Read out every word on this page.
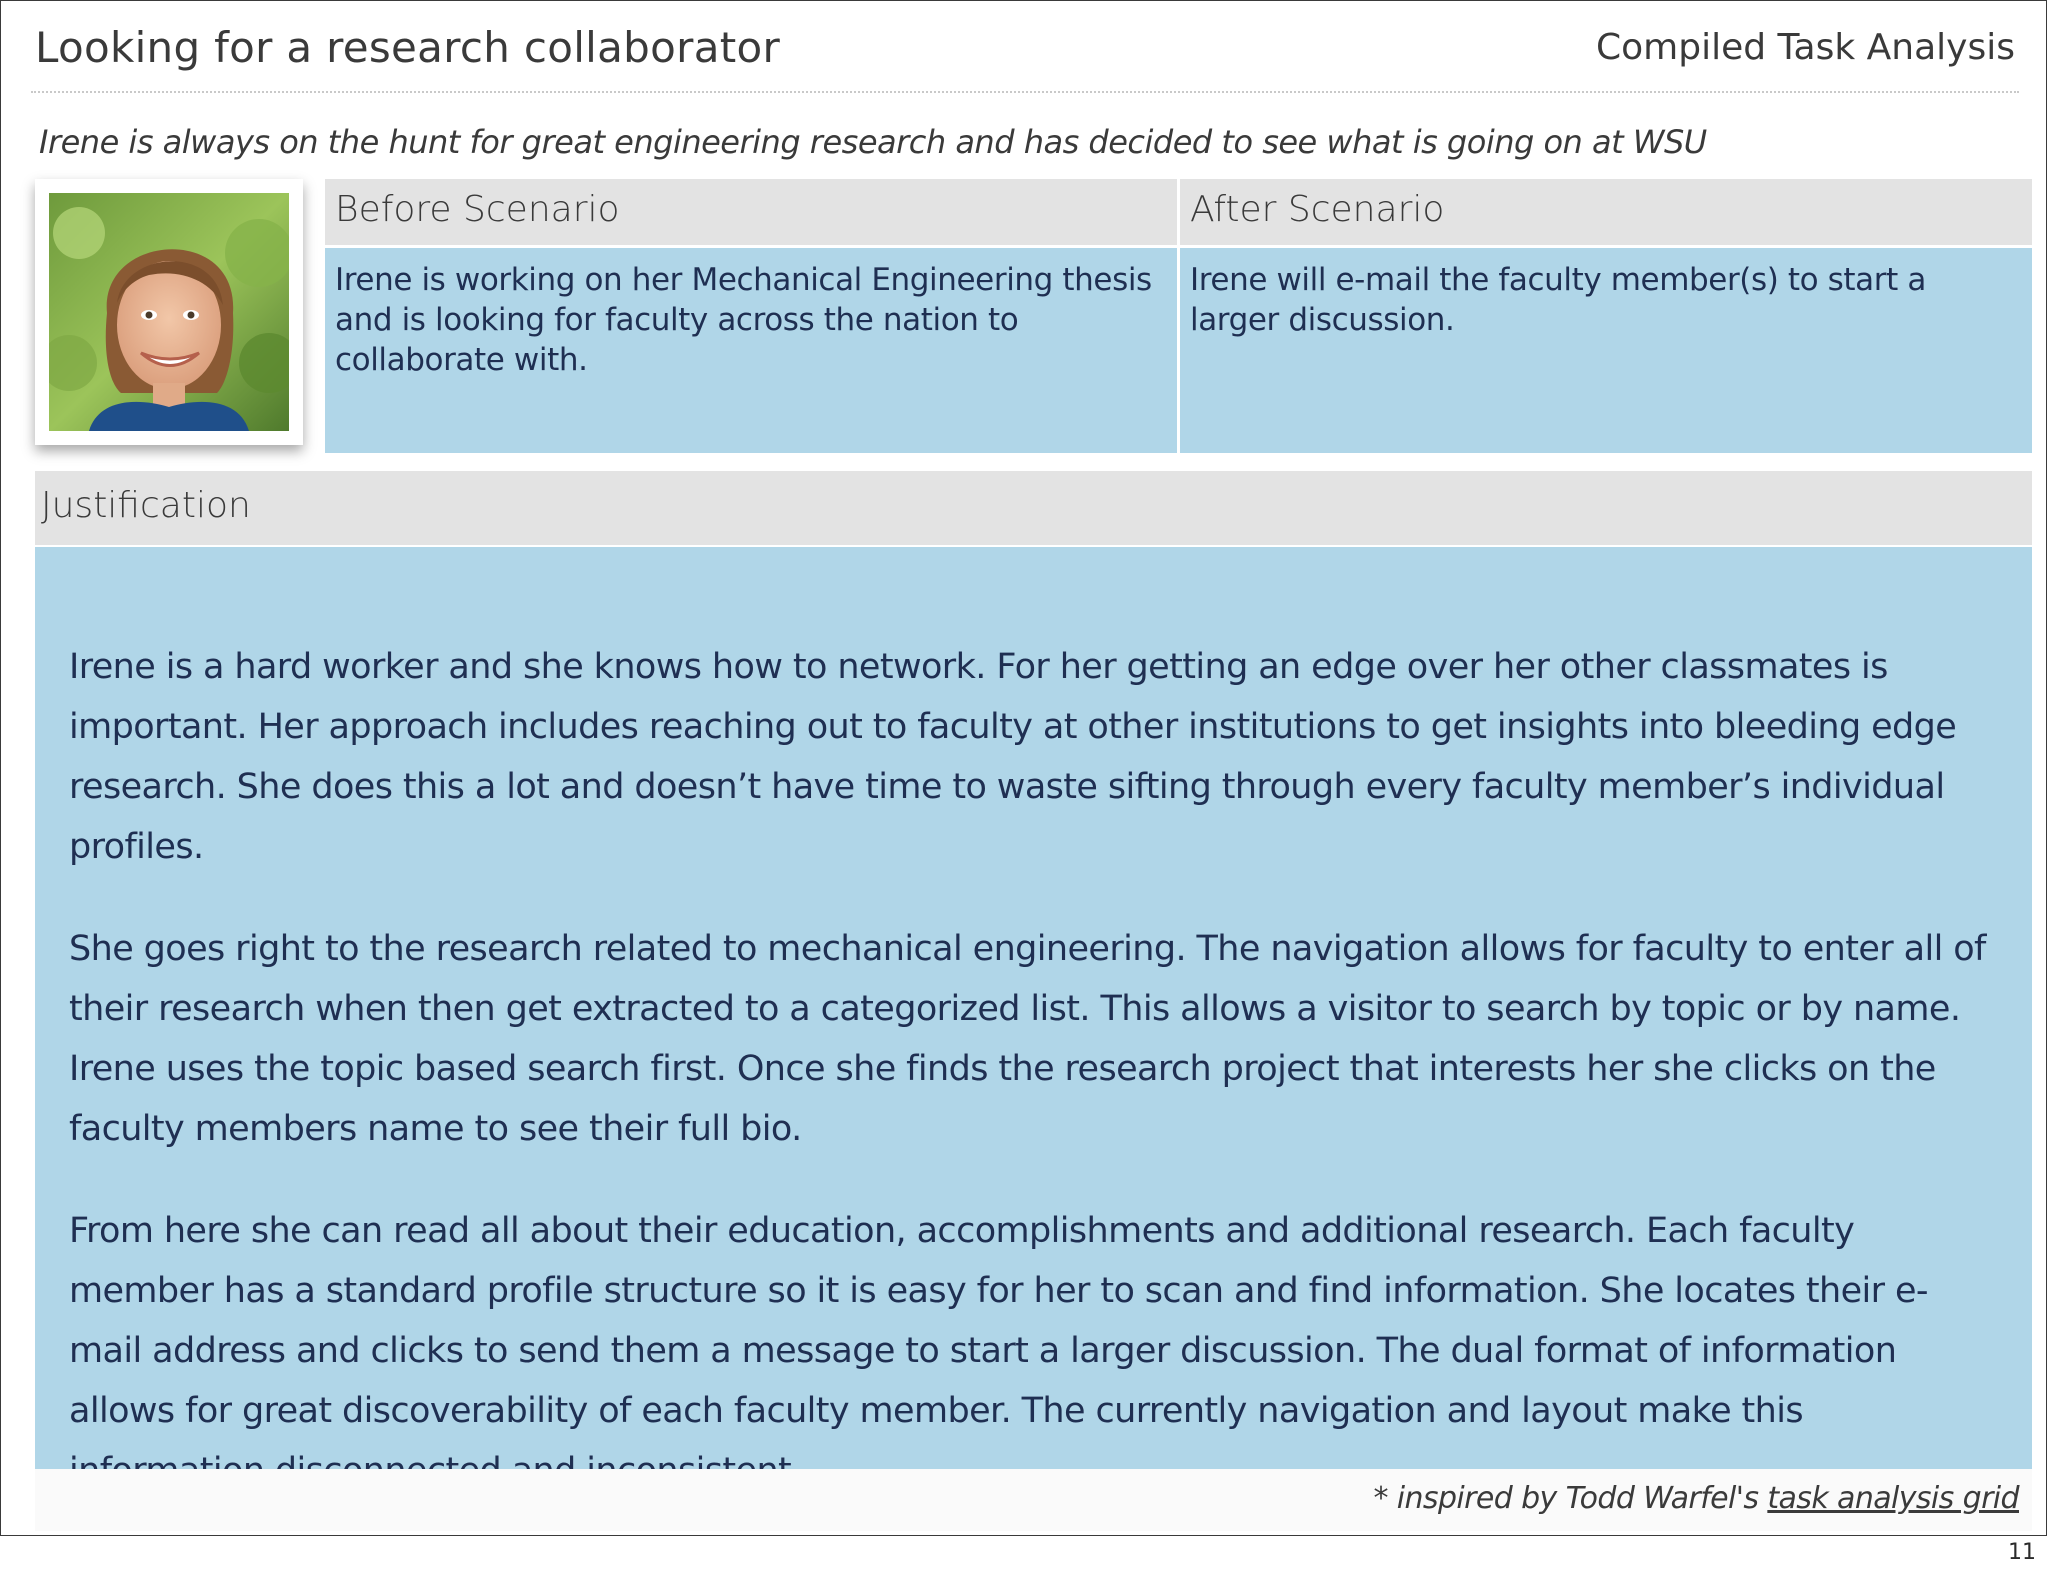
Looking for a research collaborator	Compiled Task Analysis
Irene is always on the hunt for great engineering research and has decided to see what is going on at WSU
Before Scenario	After Scenario
Irene is working on her Mechanical Engineering thesis and is looking for faculty across the nation to collaborate with.
Irene will e-mail the faculty member(s) to start a larger discussion.
Justification

Irene is a hard worker and she knows how to network. For her getting an edge over her other classmates is important. Her approach includes reaching out to faculty at other institutions to get insights into bleeding edge research. She does this a lot and doesn’t have time to waste sifting through every faculty member’s individual profiles.

She goes right to the research related to mechanical engineering. The navigation allows for faculty to enter all of their research when then get extracted to a categorized list. This allows a visitor to search by topic or by name. Irene uses the topic based search first. Once she finds the research project that interests her she clicks on the faculty members name to see their full bio.

From here she can read all about their education, accomplishments and additional research. Each faculty member has a standard profile structure so it is easy for her to scan and find information. She locates their e-mail address and clicks to send them a message to start a larger discussion. The dual format of information allows for great discoverability of each faculty member. The currently navigation and layout make this

* inspired by Todd Warfel's task analysis grid
11
